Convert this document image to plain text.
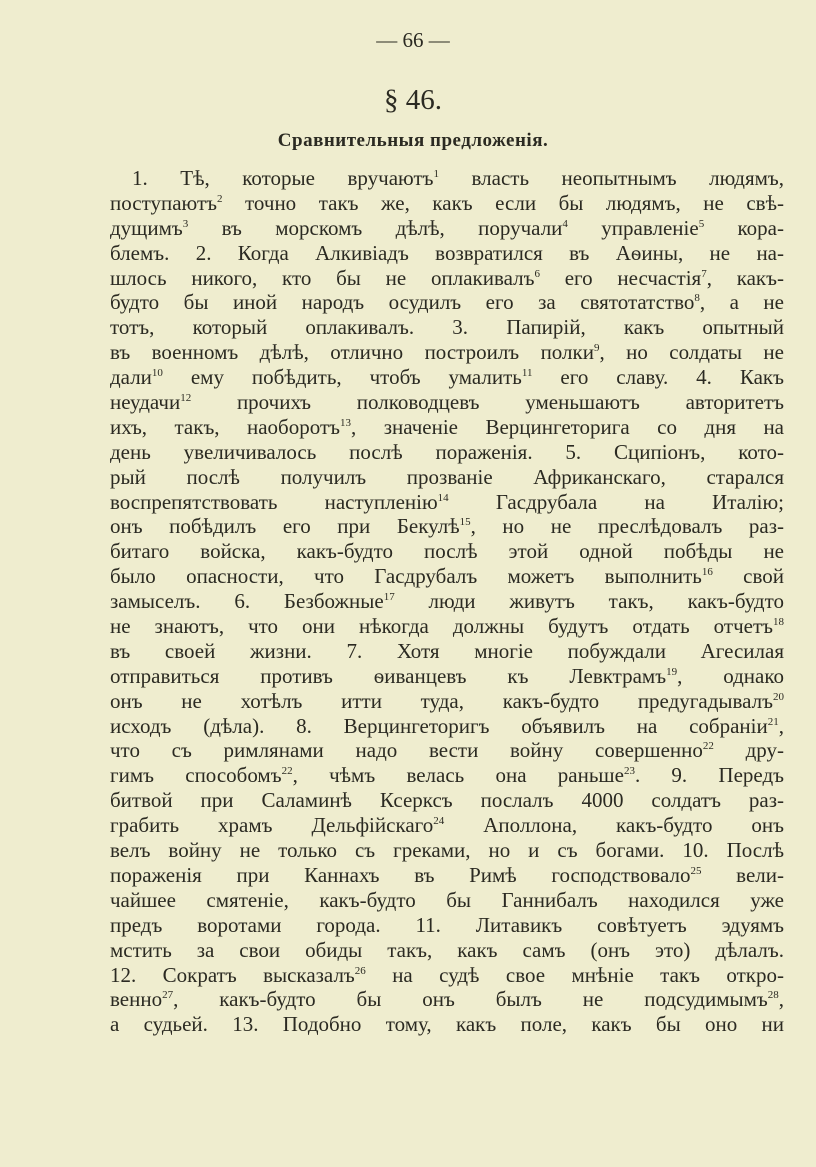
— 66 —
§ 46.
Сравнительныя предложенія.
1. Тѣ, которые вручаютъ$^1$ власть неопытнымъ людямъ,
поступаютъ$^2$ точно такъ же, какъ если бы людямъ, не свѣ-
дущимъ$^3$ въ морскомъ дѣлѣ, поручали$^4$ управленіе$^5$ кора-
блемъ. 2. Когда Алкивіадъ возвратился въ Аѳины, не на-
шлось никого, кто бы не оплакивалъ$^6$ его несчастія$^7$, какъ-
будто бы иной народъ осудилъ его за святотатство$^8$, а не
тотъ, который оплакивалъ. 3. Папирій, какъ опытный
въ военномъ дѣлѣ, отлично построилъ полки$^9$, но солдаты не
дали$^{10}$ ему побѣдить, чтобъ умалить$^{11}$ его славу. 4. Какъ
неудачи$^{12}$ прочихъ полководцевъ уменьшаютъ авторитетъ
ихъ, такъ, наоборотъ$^{13}$, значеніе Верцингеторига со дня на
день увеличивалось послѣ пораженія. 5. Сципіонъ, кото-
рый послѣ получилъ прозваніе Африканскаго, старался
воспрепятствовать наступленію$^{14}$ Гасдрубала на Италію;
онъ побѣдилъ его при Бекулѣ$^{15}$, но не преслѣдовалъ раз-
битаго войска, какъ-будто послѣ этой одной побѣды не
было опасности, что Гасдрубалъ можетъ выполнить$^{16}$ свой
замыселъ. 6. Безбожные$^{17}$ люди живутъ такъ, какъ-будто
не знаютъ, что они нѣкогда должны будутъ отдать отчетъ$^{18}$
въ своей жизни. 7. Хотя многіе побуждали Агесилая
отправиться противъ ѳиванцевъ къ Левктрамъ$^{19}$, однако
онъ не хотѣлъ итти туда, какъ-будто предугадывалъ$^{20}$
исходъ (дѣла). 8. Верцингеторигъ объявилъ на собраніи$^{21}$,
что съ римлянами надо вести войну совершенно$^{22}$ дру-
гимъ способомъ$^{22}$, чѣмъ велась она раньше$^{23}$. 9. Передъ
битвой при Саламинѣ Ксерксъ послалъ 4000 солдатъ раз-
грабить храмъ Дельфійскаго$^{24}$ Аполлона, какъ-будто онъ
велъ войну не только съ греками, но и съ богами. 10. Послѣ
пораженія при Каннахъ въ Римѣ господствовало$^{25}$ вели-
чайшее смятеніе, какъ-будто бы Ганнибалъ находился уже
предъ воротами города. 11. Литавикъ совѣтуетъ эдуямъ
мстить за свои обиды такъ, какъ самъ (онъ это) дѣлалъ.
12. Сократъ высказалъ$^{26}$ на судѣ свое мнѣніе такъ откро-
венно$^{27}$, какъ-будто бы онъ былъ не подсудимымъ$^{28}$,
а судьей. 13. Подобно тому, какъ поле, какъ бы оно ни
